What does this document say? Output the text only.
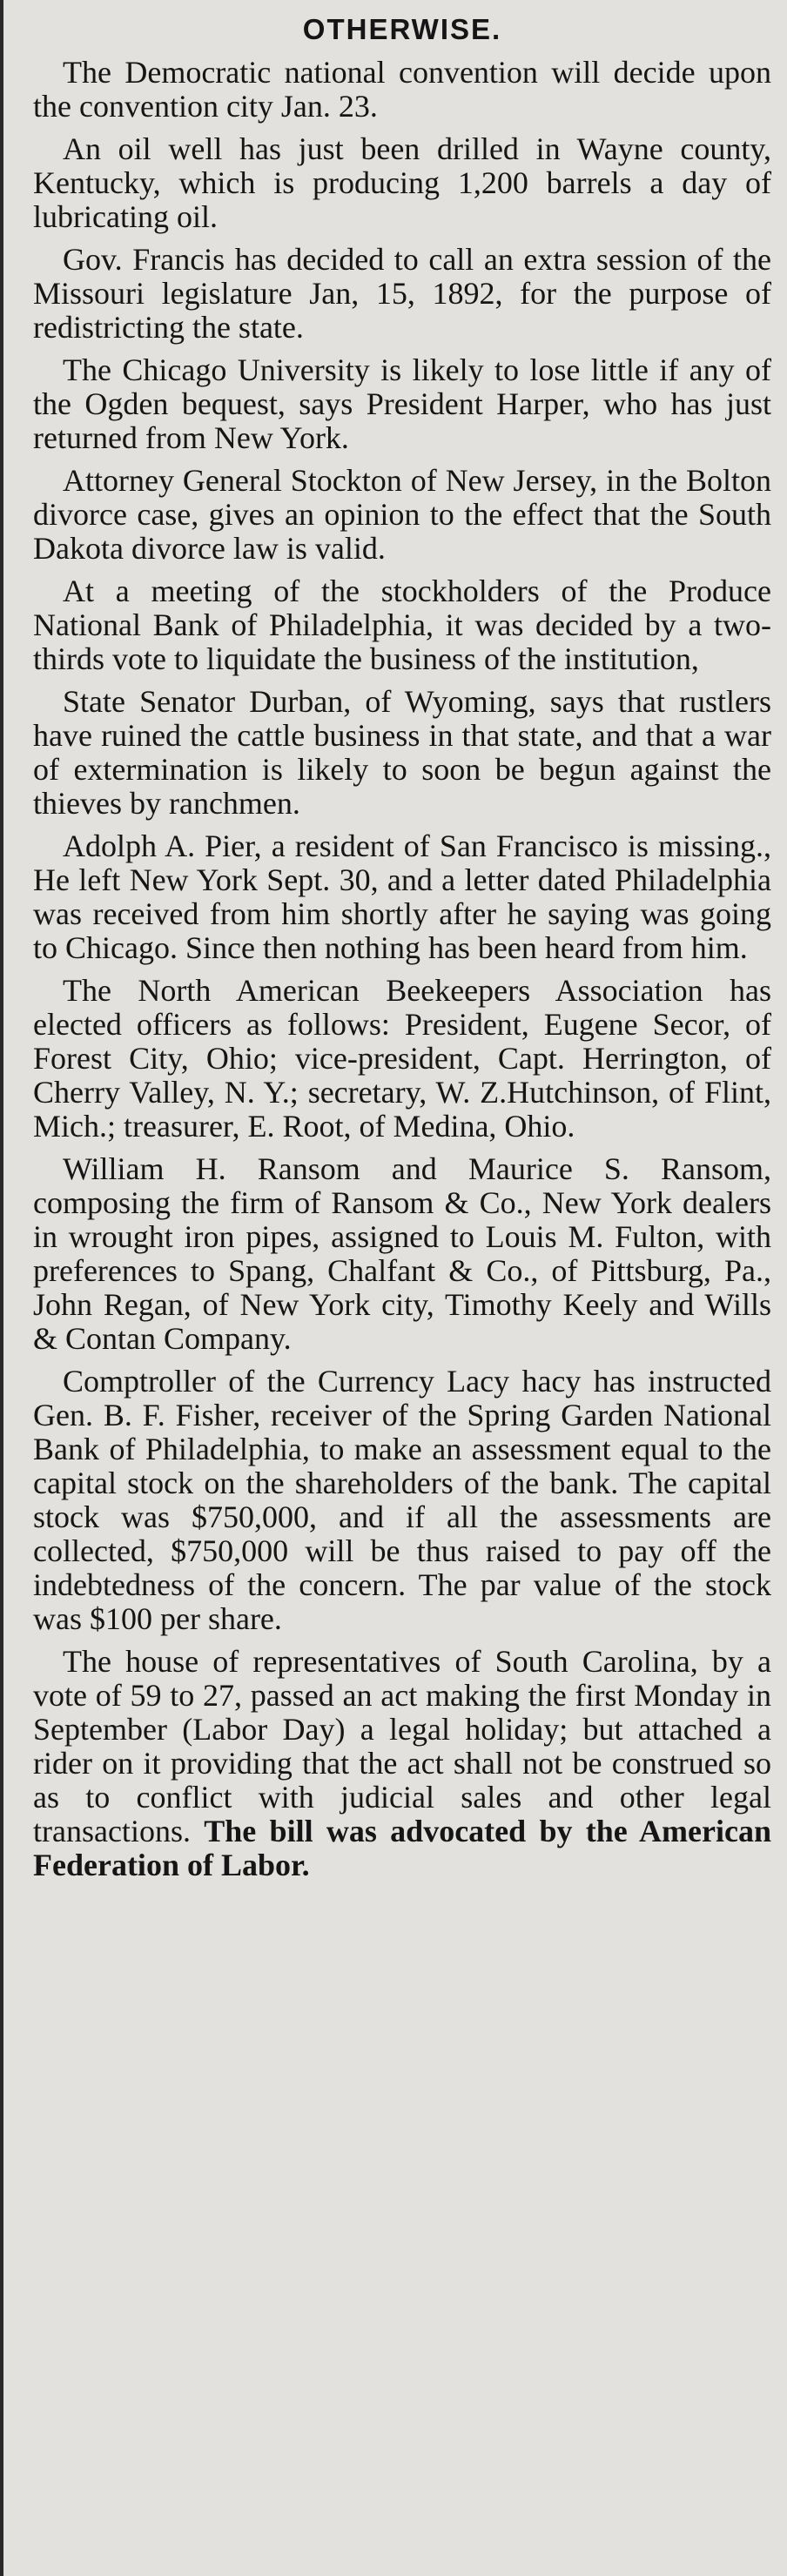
OTHERWISE.

The Democratic national convention will decide upon the convention city Jan. 23.

An oil well has just been drilled in Wayne county, Kentucky, which is producing 1,200 barrels a day of lubricating oil.

Gov. Francis has decided to call an extra session of the Missouri legislature Jan, 15, 1892, for the purpose of redistricting the state.

The Chicago University is likely to lose little if any of the Ogden bequest, says President Harper, who has just returned from New York.

Attorney General Stockton of New Jersey, in the Bolton divorce case, gives an opinion to the effect that the South Dakota divorce law is valid.

At a meeting of the stockholders of the Produce National Bank of Philadelphia, it was decided by a two-thirds vote to liquidate the business of the institution,

State Senator Durban, of Wyoming, says that rustlers have ruined the cattle business in that state, and that a war of extermination is likely to soon be begun against the thieves by ranchmen.

Adolph A. Pier, a resident of San Francisco is missing., He left New York Sept. 30, and a letter dated Philadelphia was received from him shortly after he saying was going to Chicago. Since then nothing has been heard from him.

The North American Beekeepers Association has elected officers as follows: President, Eugene Secor, of Forest City, Ohio; vice-president, Capt. Herrington, of Cherry Valley, N. Y.; secretary, W. Z.Hutchinson, of Flint, Mich.; treasurer, E. Root, of Medina, Ohio.

William H. Ransom and Maurice S. Ransom, composing the firm of Ransom & Co., New York dealers in wrought iron pipes, assigned to Louis M. Fulton, with preferences to Spang, Chalfant & Co., of Pittsburg, Pa., John Regan, of New York city, Timothy Keely and Wills & Contan Company.

Comptroller of the Currency Lacy hacy has instructed Gen. B. F. Fisher, receiver of the Spring Garden National Bank of Philadelphia, to make an assessment equal to the capital stock on the shareholders of the bank. The capital stock was $750,000, and if all the assessments are collected, $750,000 will be thus raised to pay off the indebtedness of the concern. The par value of the stock was $100 per share.

The house of representatives of South Carolina, by a vote of 59 to 27, passed an act making the first Monday in September (Labor Day) a legal holiday; but attached a rider on it providing that the act shall not be construed so as to conflict with judicial sales and other legal transactions. The bill was advocated by the American Federation of Labor.
